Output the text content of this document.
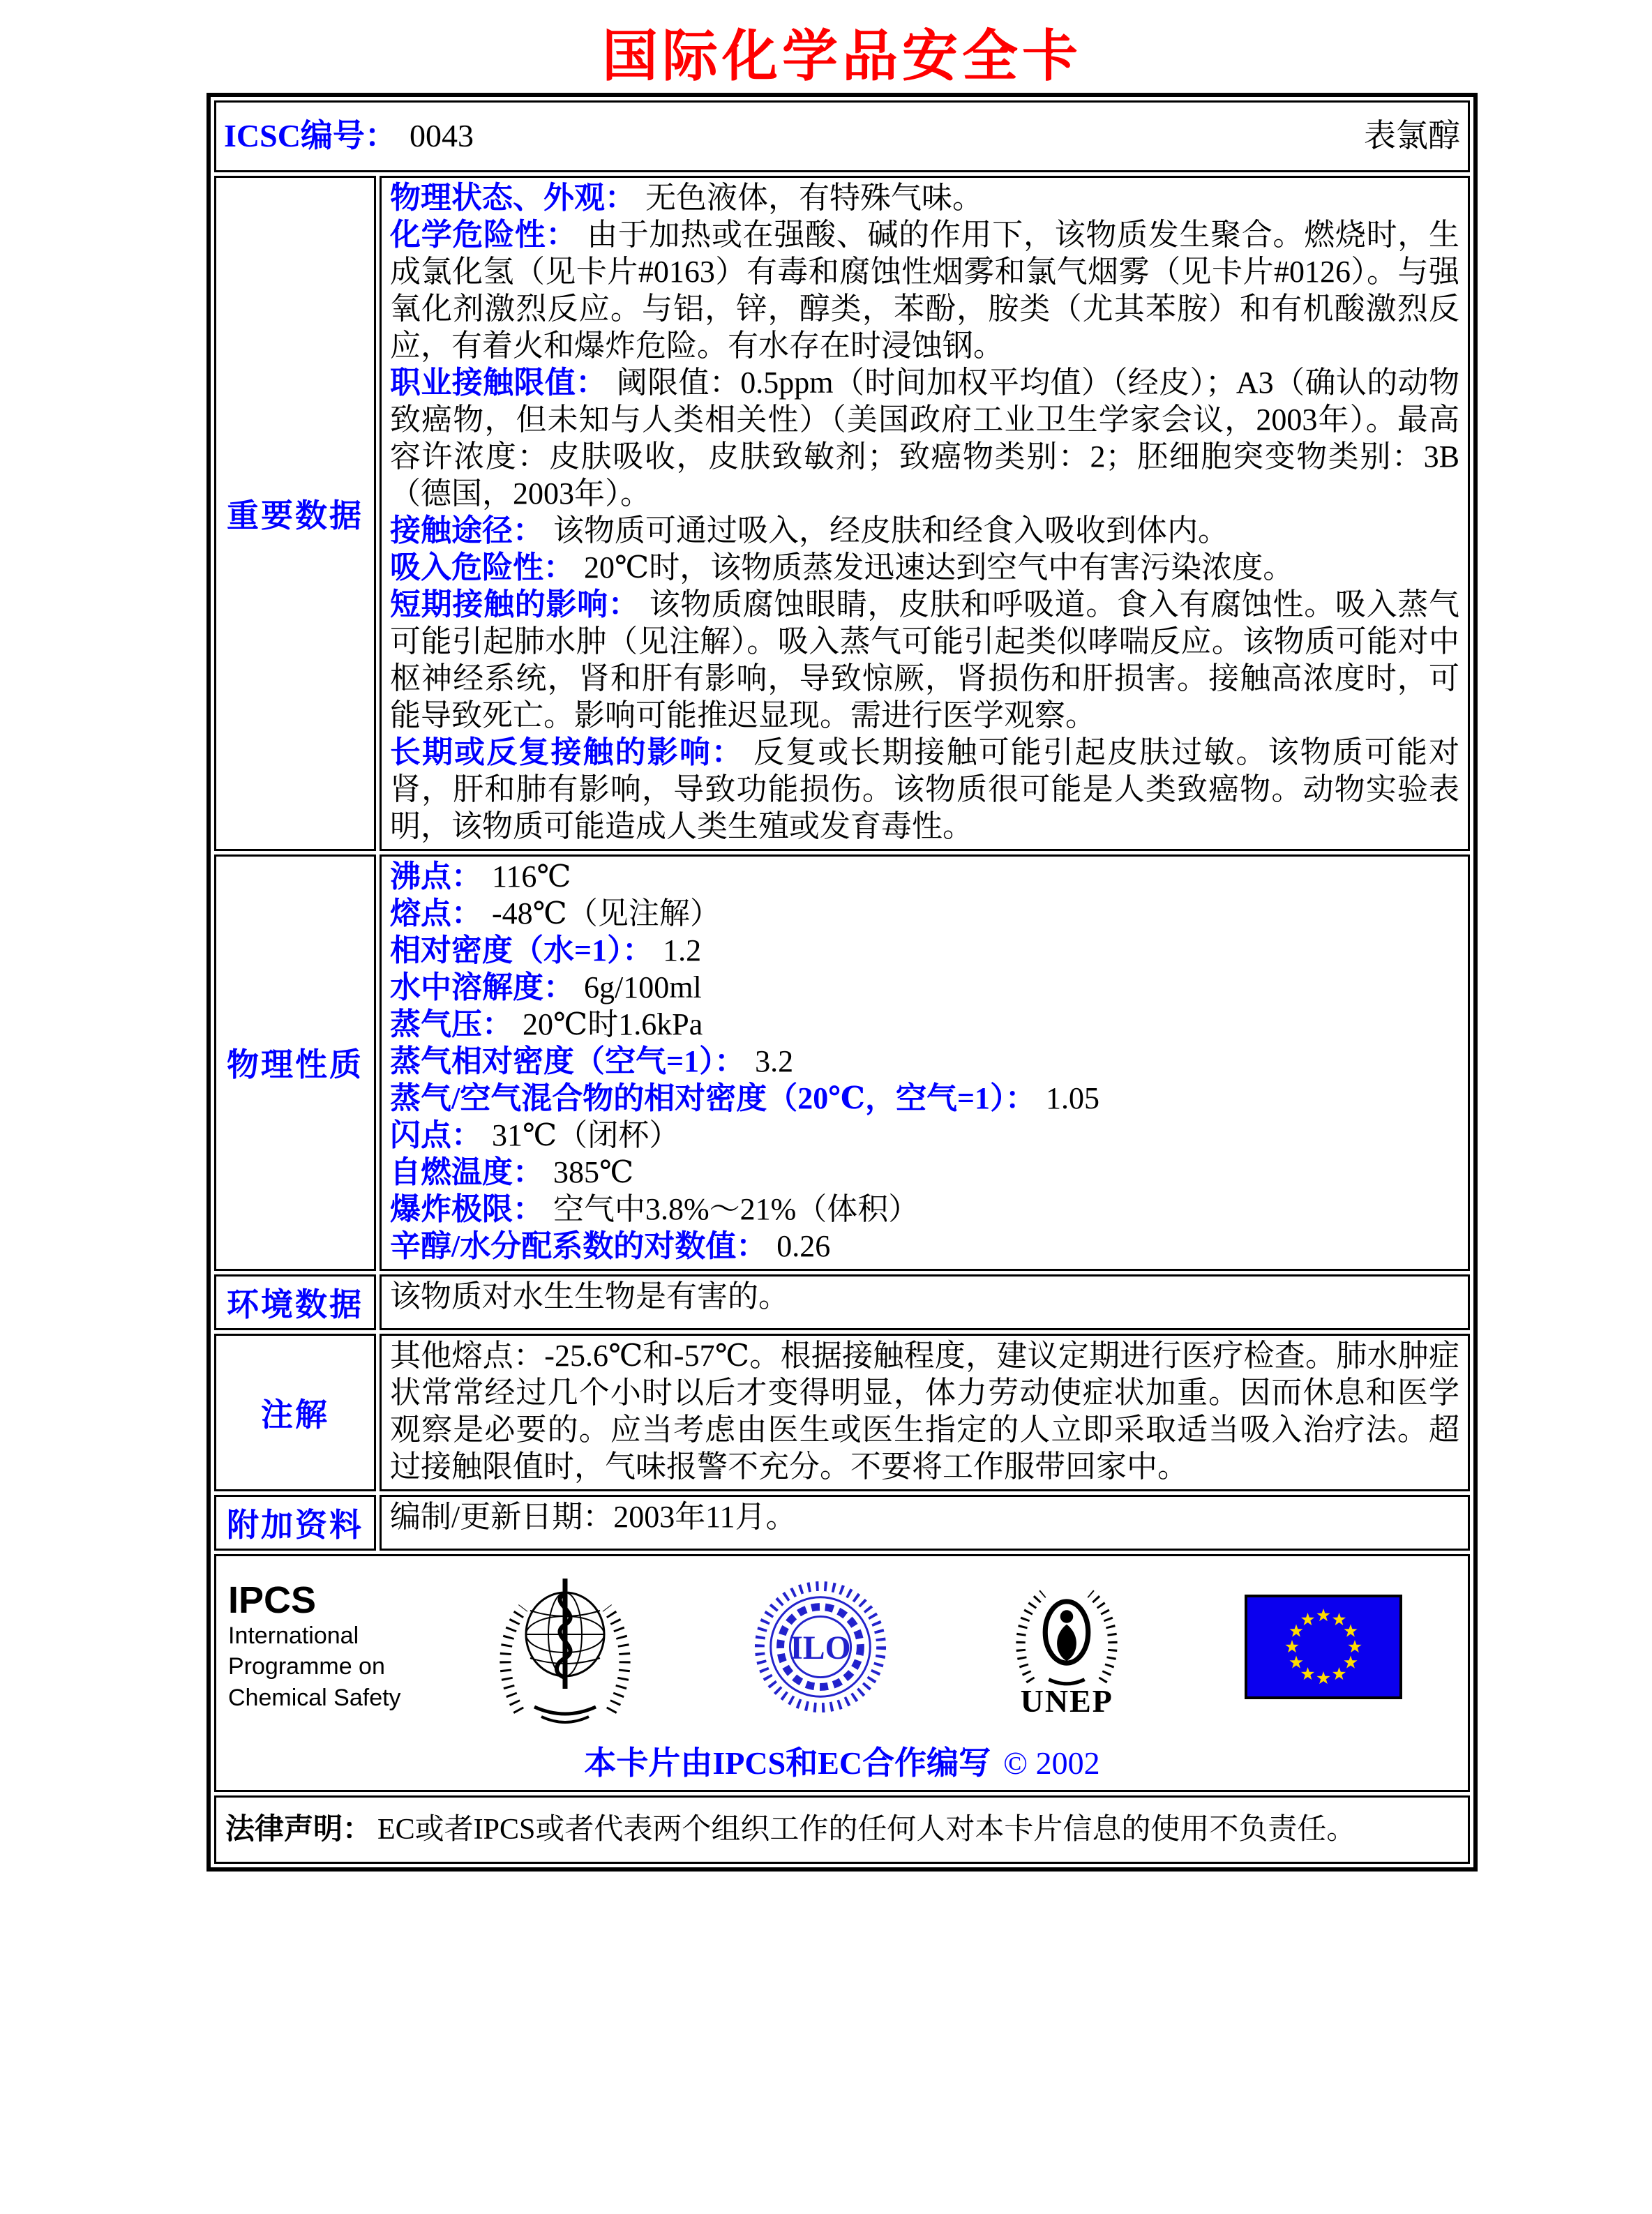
国际化学品安全卡
ICSC编号： 0043 表氯醇	

重要数据	

物理状态、外观： 无色液体，有特殊气味。

化学危险性： 由于加热或在强酸、碱的作用下，该物质发生聚合。燃烧时，生成氯化氢（见卡片#0163）有毒和腐蚀性烟雾和氯气烟雾（见卡片#0126）。与强氧化剂激烈反应。与铝，锌，醇类，苯酚，胺类（尤其苯胺）和有机酸激烈反应，有着火和爆炸危险。有水存在时浸蚀钢。

职业接触限值： 阈限值：0.5ppm（时间加权平均值）（经皮）；A3（确认的动物致癌物，但未知与人类相关性）（美国政府工业卫生学家会议，2003年）。最高容许浓度：皮肤吸收，皮肤致敏剂；致癌物类别：2；胚细胞突变物类别：3B（德国，2003年）。

接触途径： 该物质可通过吸入，经皮肤和经食入吸收到体内。

吸入危险性： 20℃时，该物质蒸发迅速达到空气中有害污染浓度。

短期接触的影响： 该物质腐蚀眼睛，皮肤和呼吸道。食入有腐蚀性。吸入蒸气可能引起肺水肿（见注解）。吸入蒸气可能引起类似哮喘反应。该物质可能对中枢神经系统，肾和肝有影响，导致惊厥，肾损伤和肝损害。接触高浓度时，可能导致死亡。影响可能推迟显现。需进行医学观察。

长期或反复接触的影响： 反复或长期接触可能引起皮肤过敏。该物质可能对肾，肝和肺有影响，导致功能损伤。该物质很可能是人类致癌物。动物实验表明，该物质可能造成人类生殖或发育毒性。

物理性质	

沸点： 116℃

熔点： -48℃（见注解）

相对密度（水=1）： 1.2

水中溶解度： 6g/100ml

蒸气压： 20℃时1.6kPa

蒸气相对密度（空气=1）： 3.2

蒸气/空气混合物的相对密度（20℃，空气=1）： 1.05

闪点： 31℃（闭杯）

自燃温度： 385℃

爆炸极限： 空气中3.8%～21%（体积）

辛醇/水分配系数的对数值： 0.26

环境数据	该物质对水生生物是有害的。

注解	其他熔点：-25.6℃和-57℃。根据接触程度，建议定期进行医疗检查。肺水肿症状常常经过几个小时以后才变得明显，体力劳动使症状加重。因而休息和医学观察是必要的。应当考虑由医生或医生指定的人立即采取适当吸入治疗法。超过接触限值时，气味报警不充分。不要将工作服带回家中。

附加资料	编制/更新日期：2003年11月。

IPCS
International
Programme on
Chemical Safety
ILO
UNEP
本卡片由IPCS和EC合作编写 © 2002

法律声明： EC或者IPCS或者代表两个组织工作的任何人对本卡片信息的使用不负责任。	
